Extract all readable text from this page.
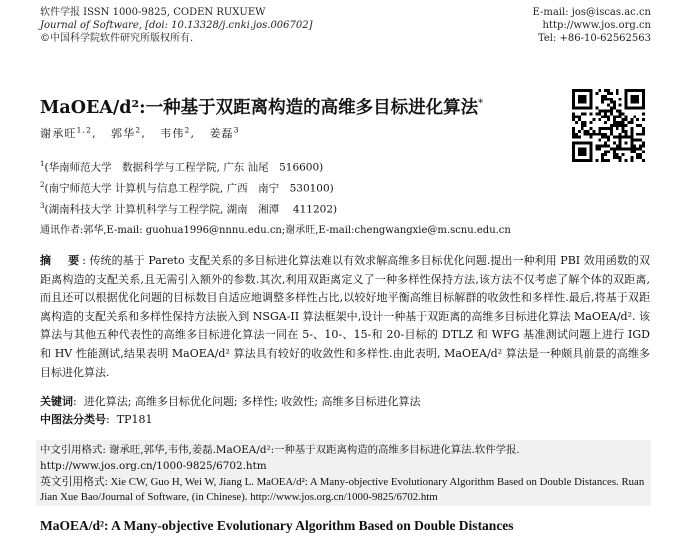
软件学报 ISSN 1000-9825, CODEN RUXUEW
Journal of Software, [doi: 10.13328/j.cnki.jos.006702]
©中国科学院软件研究所版权所有.
E-mail: jos@iscas.ac.cn
http://www.jos.org.cn
Tel: +86-10-62562563
MaOEA/d²:一种基于双距离构造的高维多目标进化算法*
谢承旺$^{1,2}$,   郭华$^2$,   韦伟$^2$,   姜磊$^3$
$^1$(华南师范大学　数据科学与工程学院, 广东 汕尾　516600)
$^2$(南宁师范大学 计算机与信息工程学院, 广西　南宁　530100)
$^3$(湖南科技大学 计算机科学与工程学院, 湖南　湘潭　 411202)
通讯作者:郭华,E-mail: guohua1996@nnnu.edu.cn;谢承旺,E-mail:chengwangxie@m.scnu.edu.cn
摘　要: 传统的基于 Pareto 支配关系的多目标进化算法难以有效求解高维多目标优化问题.提出一种利用 PBI 效用函数的双距离构造的支配关系,且无需引入额外的参数.其次,利用双距离定义了一种多样性保持方法,该方法不仅考虑了解个体的双距离,而且还可以根据优化问题的目标数目自适应地调整多样性占比,以较好地平衡高维目标解群的收敛性和多样性.最后,将基于双距离构造的支配关系和多样性保持方法嵌入到 NSGA-II 算法框架中,设计一种基于双距离的高维多目标进化算法 MaOEA/d². 该算法与其他五种代表性的高维多目标进化算法一同在 5-、10-、15-和 20-目标的 DTLZ 和 WFG 基准测试问题上进行 IGD 和 HV 性能测试,结果表明 MaOEA/d² 算法具有较好的收敛性和多样性.由此表明, MaOEA/d² 算法是一种颇具前景的高维多目标进化算法.
关键词:  进化算法; 高维多目标优化问题; 多样性; 收敛性; 高维多目标进化算法
中图法分类号:  TP181
中文引用格式: 谢承旺,郭华,韦伟,姜磊.MaOEA/d²:一种基于双距离构造的高维多目标进化算法.软件学报. http://www.jos.org.cn/1000-9825/6702.htm
英文引用格式: Xie CW, Guo H, Wei W, Jiang L. MaOEA/d²: A Many-objective Evolutionary Algorithm Based on Double Distances. Ruan Jian Xue Bao/Journal of Software, (in Chinese). http://www.jos.org.cn/1000-9825/6702.htm
MaOEA/d²: A Many-objective Evolutionary Algorithm Based on Double Distances
